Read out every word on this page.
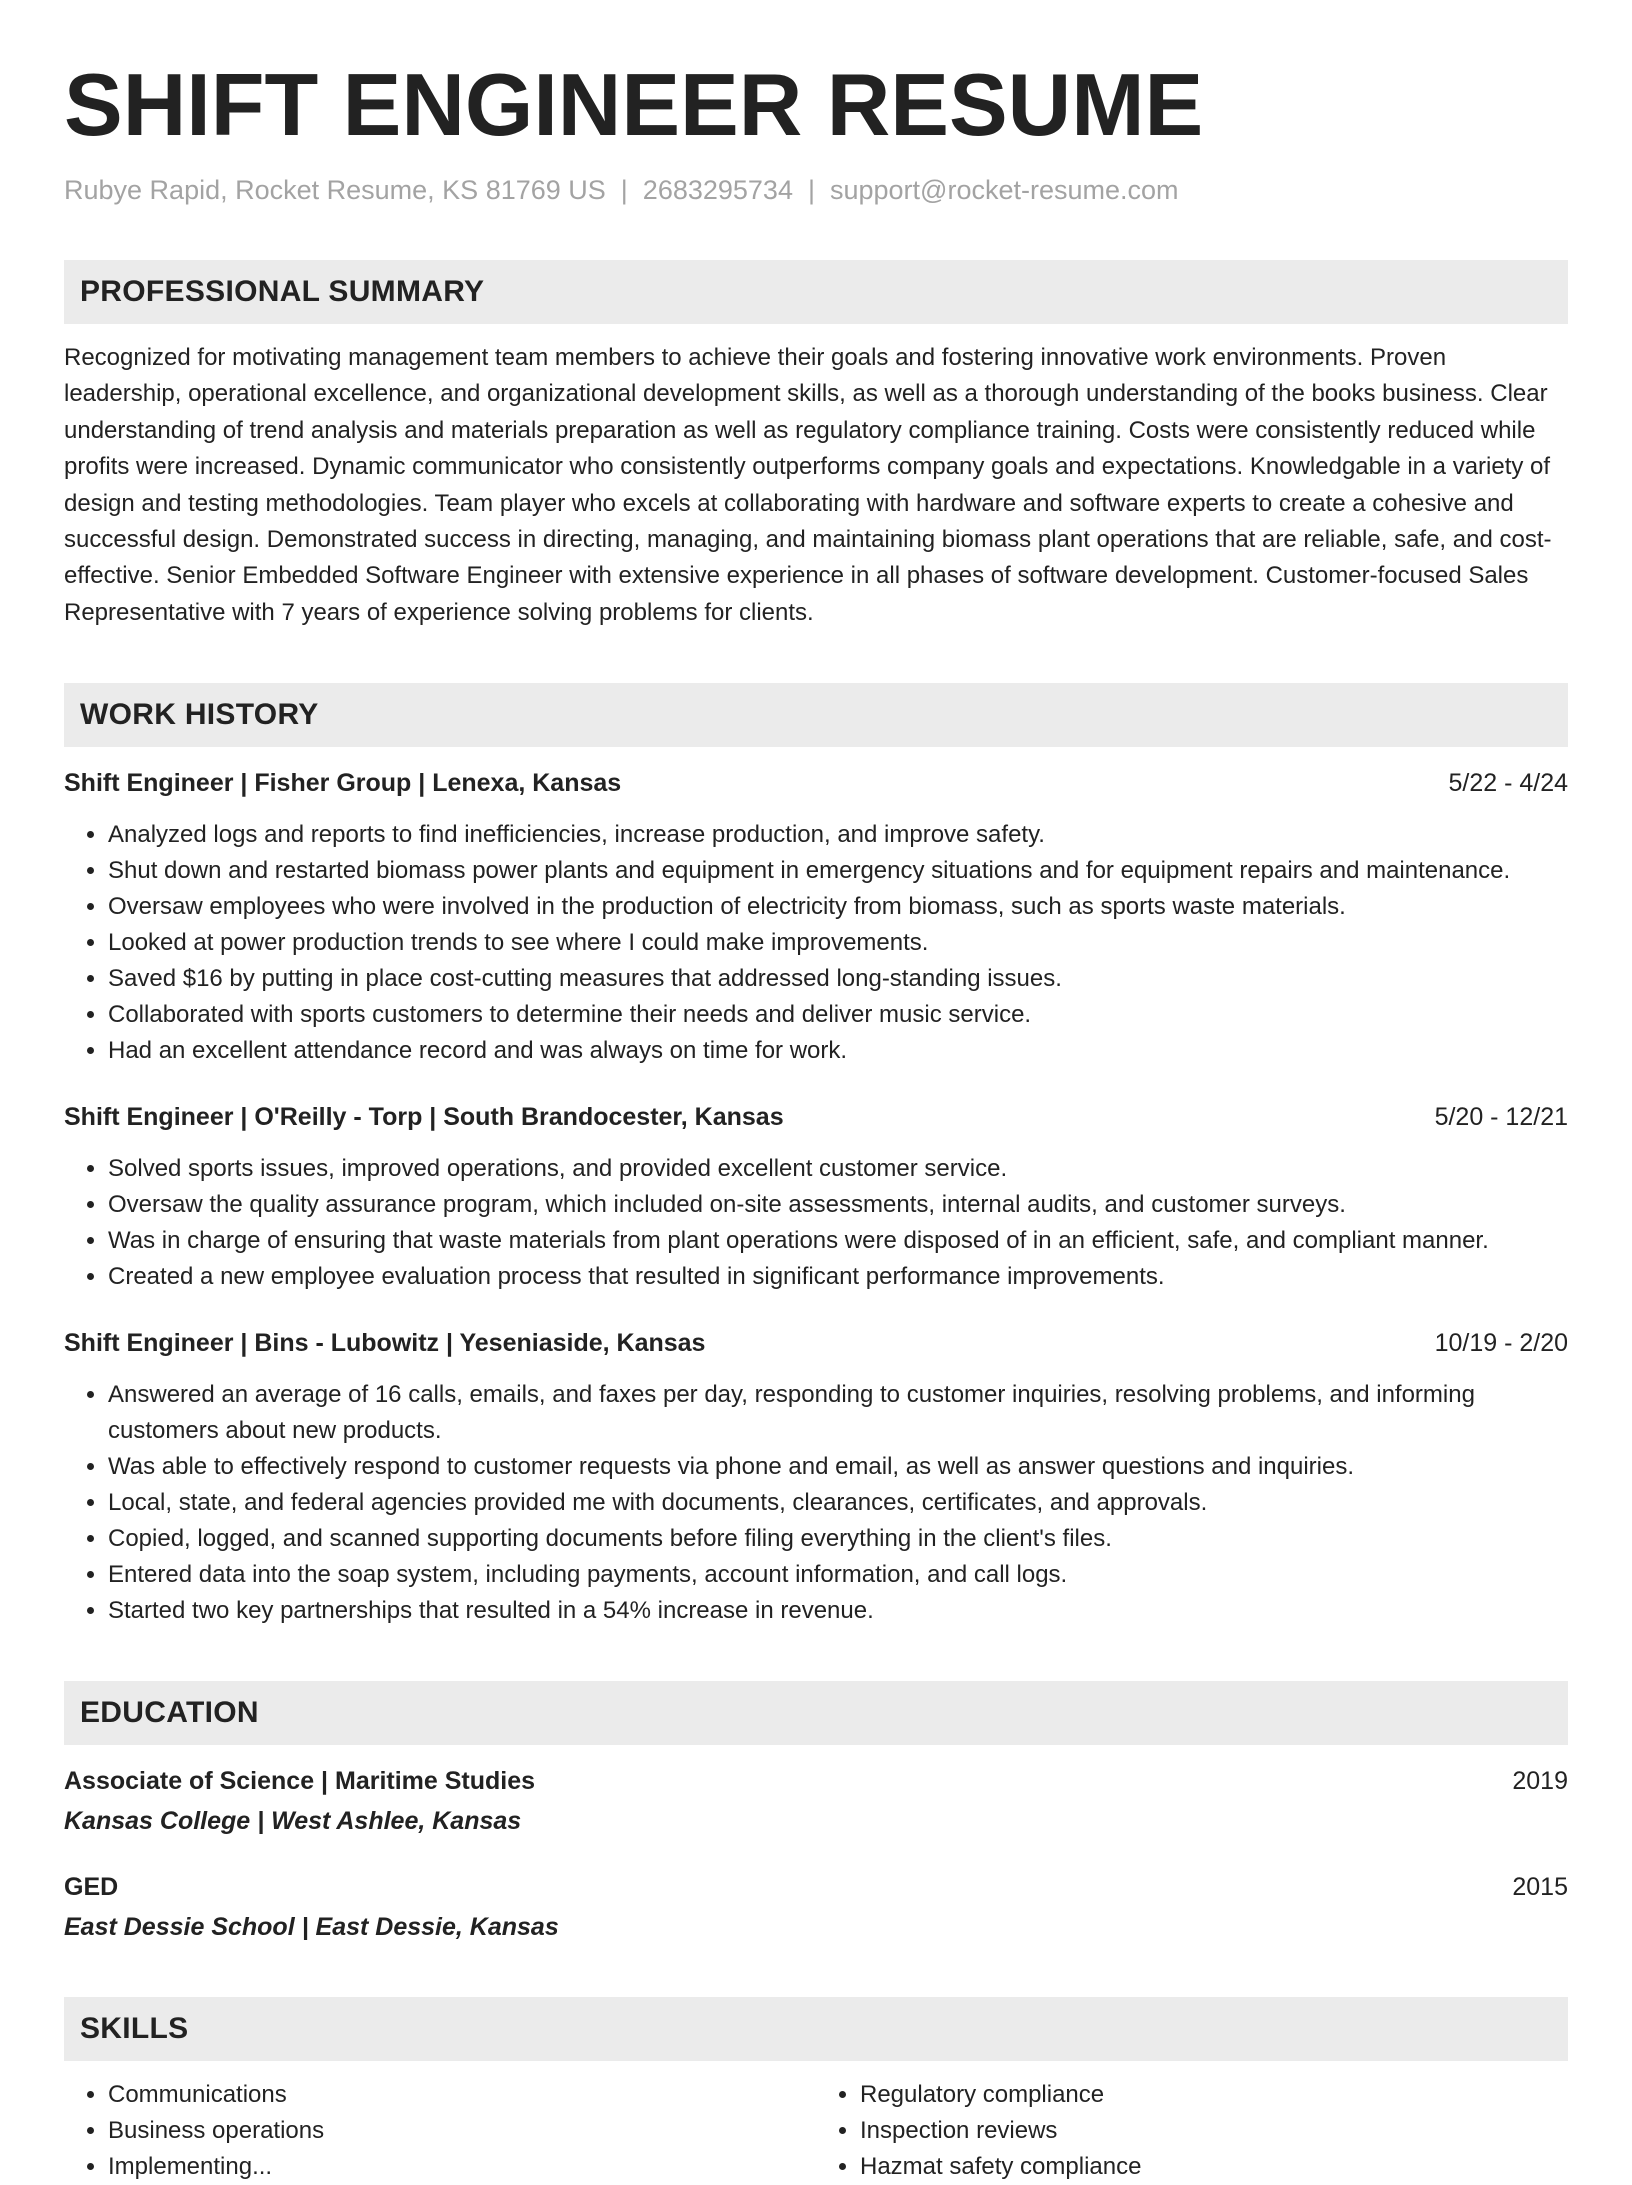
SHIFT ENGINEER RESUME
Rubye Rapid, Rocket Resume, KS 81769 US | 2683295734 | support@rocket-resume.com
PROFESSIONAL SUMMARY
Recognized for motivating management team members to achieve their goals and fostering innovative work environments. Proven leadership, operational excellence, and organizational development skills, as well as a thorough understanding of the books business. Clear understanding of trend analysis and materials preparation as well as regulatory compliance training. Costs were consistently reduced while profits were increased. Dynamic communicator who consistently outperforms company goals and expectations. Knowledgable in a variety of design and testing methodologies. Team player who excels at collaborating with hardware and software experts to create a cohesive and successful design. Demonstrated success in directing, managing, and maintaining biomass plant operations that are reliable, safe, and cost-effective. Senior Embedded Software Engineer with extensive experience in all phases of software development. Customer-focused Sales Representative with 7 years of experience solving problems for clients.
WORK HISTORY
Shift Engineer | Fisher Group | Lenexa, Kansas	5/22 - 4/24
• Analyzed logs and reports to find inefficiencies, increase production, and improve safety.
• Shut down and restarted biomass power plants and equipment in emergency situations and for equipment repairs and maintenance.
• Oversaw employees who were involved in the production of electricity from biomass, such as sports waste materials.
• Looked at power production trends to see where I could make improvements.
• Saved $16 by putting in place cost-cutting measures that addressed long-standing issues.
• Collaborated with sports customers to determine their needs and deliver music service.
• Had an excellent attendance record and was always on time for work.
Shift Engineer | O'Reilly - Torp | South Brandocester, Kansas	5/20 - 12/21
• Solved sports issues, improved operations, and provided excellent customer service.
• Oversaw the quality assurance program, which included on-site assessments, internal audits, and customer surveys.
• Was in charge of ensuring that waste materials from plant operations were disposed of in an efficient, safe, and compliant manner.
• Created a new employee evaluation process that resulted in significant performance improvements.
Shift Engineer | Bins - Lubowitz | Yeseniaside, Kansas	10/19 - 2/20
• Answered an average of 16 calls, emails, and faxes per day, responding to customer inquiries, resolving problems, and informing customers about new products.
• Was able to effectively respond to customer requests via phone and email, as well as answer questions and inquiries.
• Local, state, and federal agencies provided me with documents, clearances, certificates, and approvals.
• Copied, logged, and scanned supporting documents before filing everything in the client's files.
• Entered data into the soap system, including payments, account information, and call logs.
• Started two key partnerships that resulted in a 54% increase in revenue.
EDUCATION
Associate of Science | Maritime Studies	2019
Kansas College | West Ashlee, Kansas
GED	2015
East Dessie School | East Dessie, Kansas
SKILLS
• Communications
• Business operations
• Implementing...
• Regulatory compliance
• Inspection reviews
• Hazmat safety compliance
